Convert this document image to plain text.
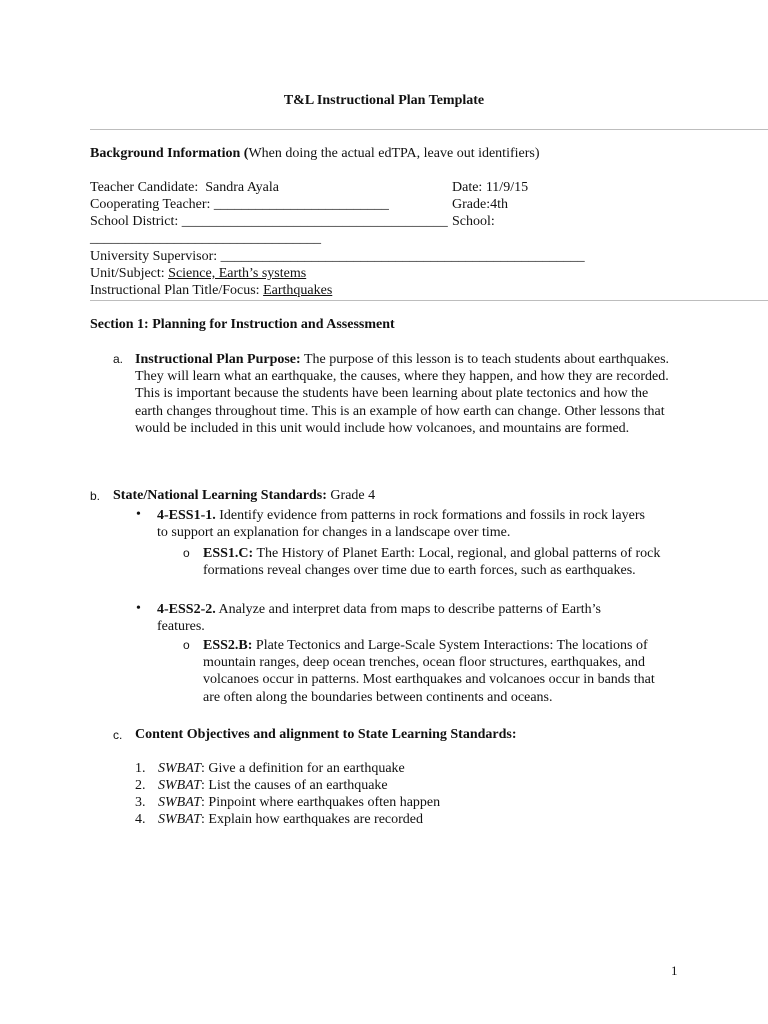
T&L Instructional Plan Template
Background Information (When doing the actual edTPA, leave out identifiers)
Teacher Candidate: Sandra Ayala	Date: 11/9/15
Cooperating Teacher: _________________________	Grade:4th
School District: ______________________________________ School:
_________________________________
University Supervisor: ____________________________________________________
Unit/Subject: Science, Earth’s systems
Instructional Plan Title/Focus: Earthquakes
Section 1: Planning for Instruction and Assessment
a. Instructional Plan Purpose: The purpose of this lesson is to teach students about earthquakes. They will learn what an earthquake, the causes, where they happen, and how they are recorded. This is important because the students have been learning about plate tectonics and how the earth changes throughout time. This is an example of how earth can change. Other lessons that would be included in this unit would include how volcanoes, and mountains are formed.
b. State/National Learning Standards: Grade 4
• 4-ESS1-1. Identify evidence from patterns in rock formations and fossils in rock layers to support an explanation for changes in a landscape over time.
o ESS1.C: The History of Planet Earth: Local, regional, and global patterns of rock formations reveal changes over time due to earth forces, such as earthquakes.
• 4-ESS2-2. Analyze and interpret data from maps to describe patterns of Earth’s features.
o ESS2.B: Plate Tectonics and Large-Scale System Interactions: The locations of mountain ranges, deep ocean trenches, ocean floor structures, earthquakes, and volcanoes occur in patterns. Most earthquakes and volcanoes occur in bands that are often along the boundaries between continents and oceans.
c. Content Objectives and alignment to State Learning Standards:
1. SWBAT: Give a definition for an earthquake
2. SWBAT: List the causes of an earthquake
3. SWBAT: Pinpoint where earthquakes often happen
4. SWBAT: Explain how earthquakes are recorded
1
